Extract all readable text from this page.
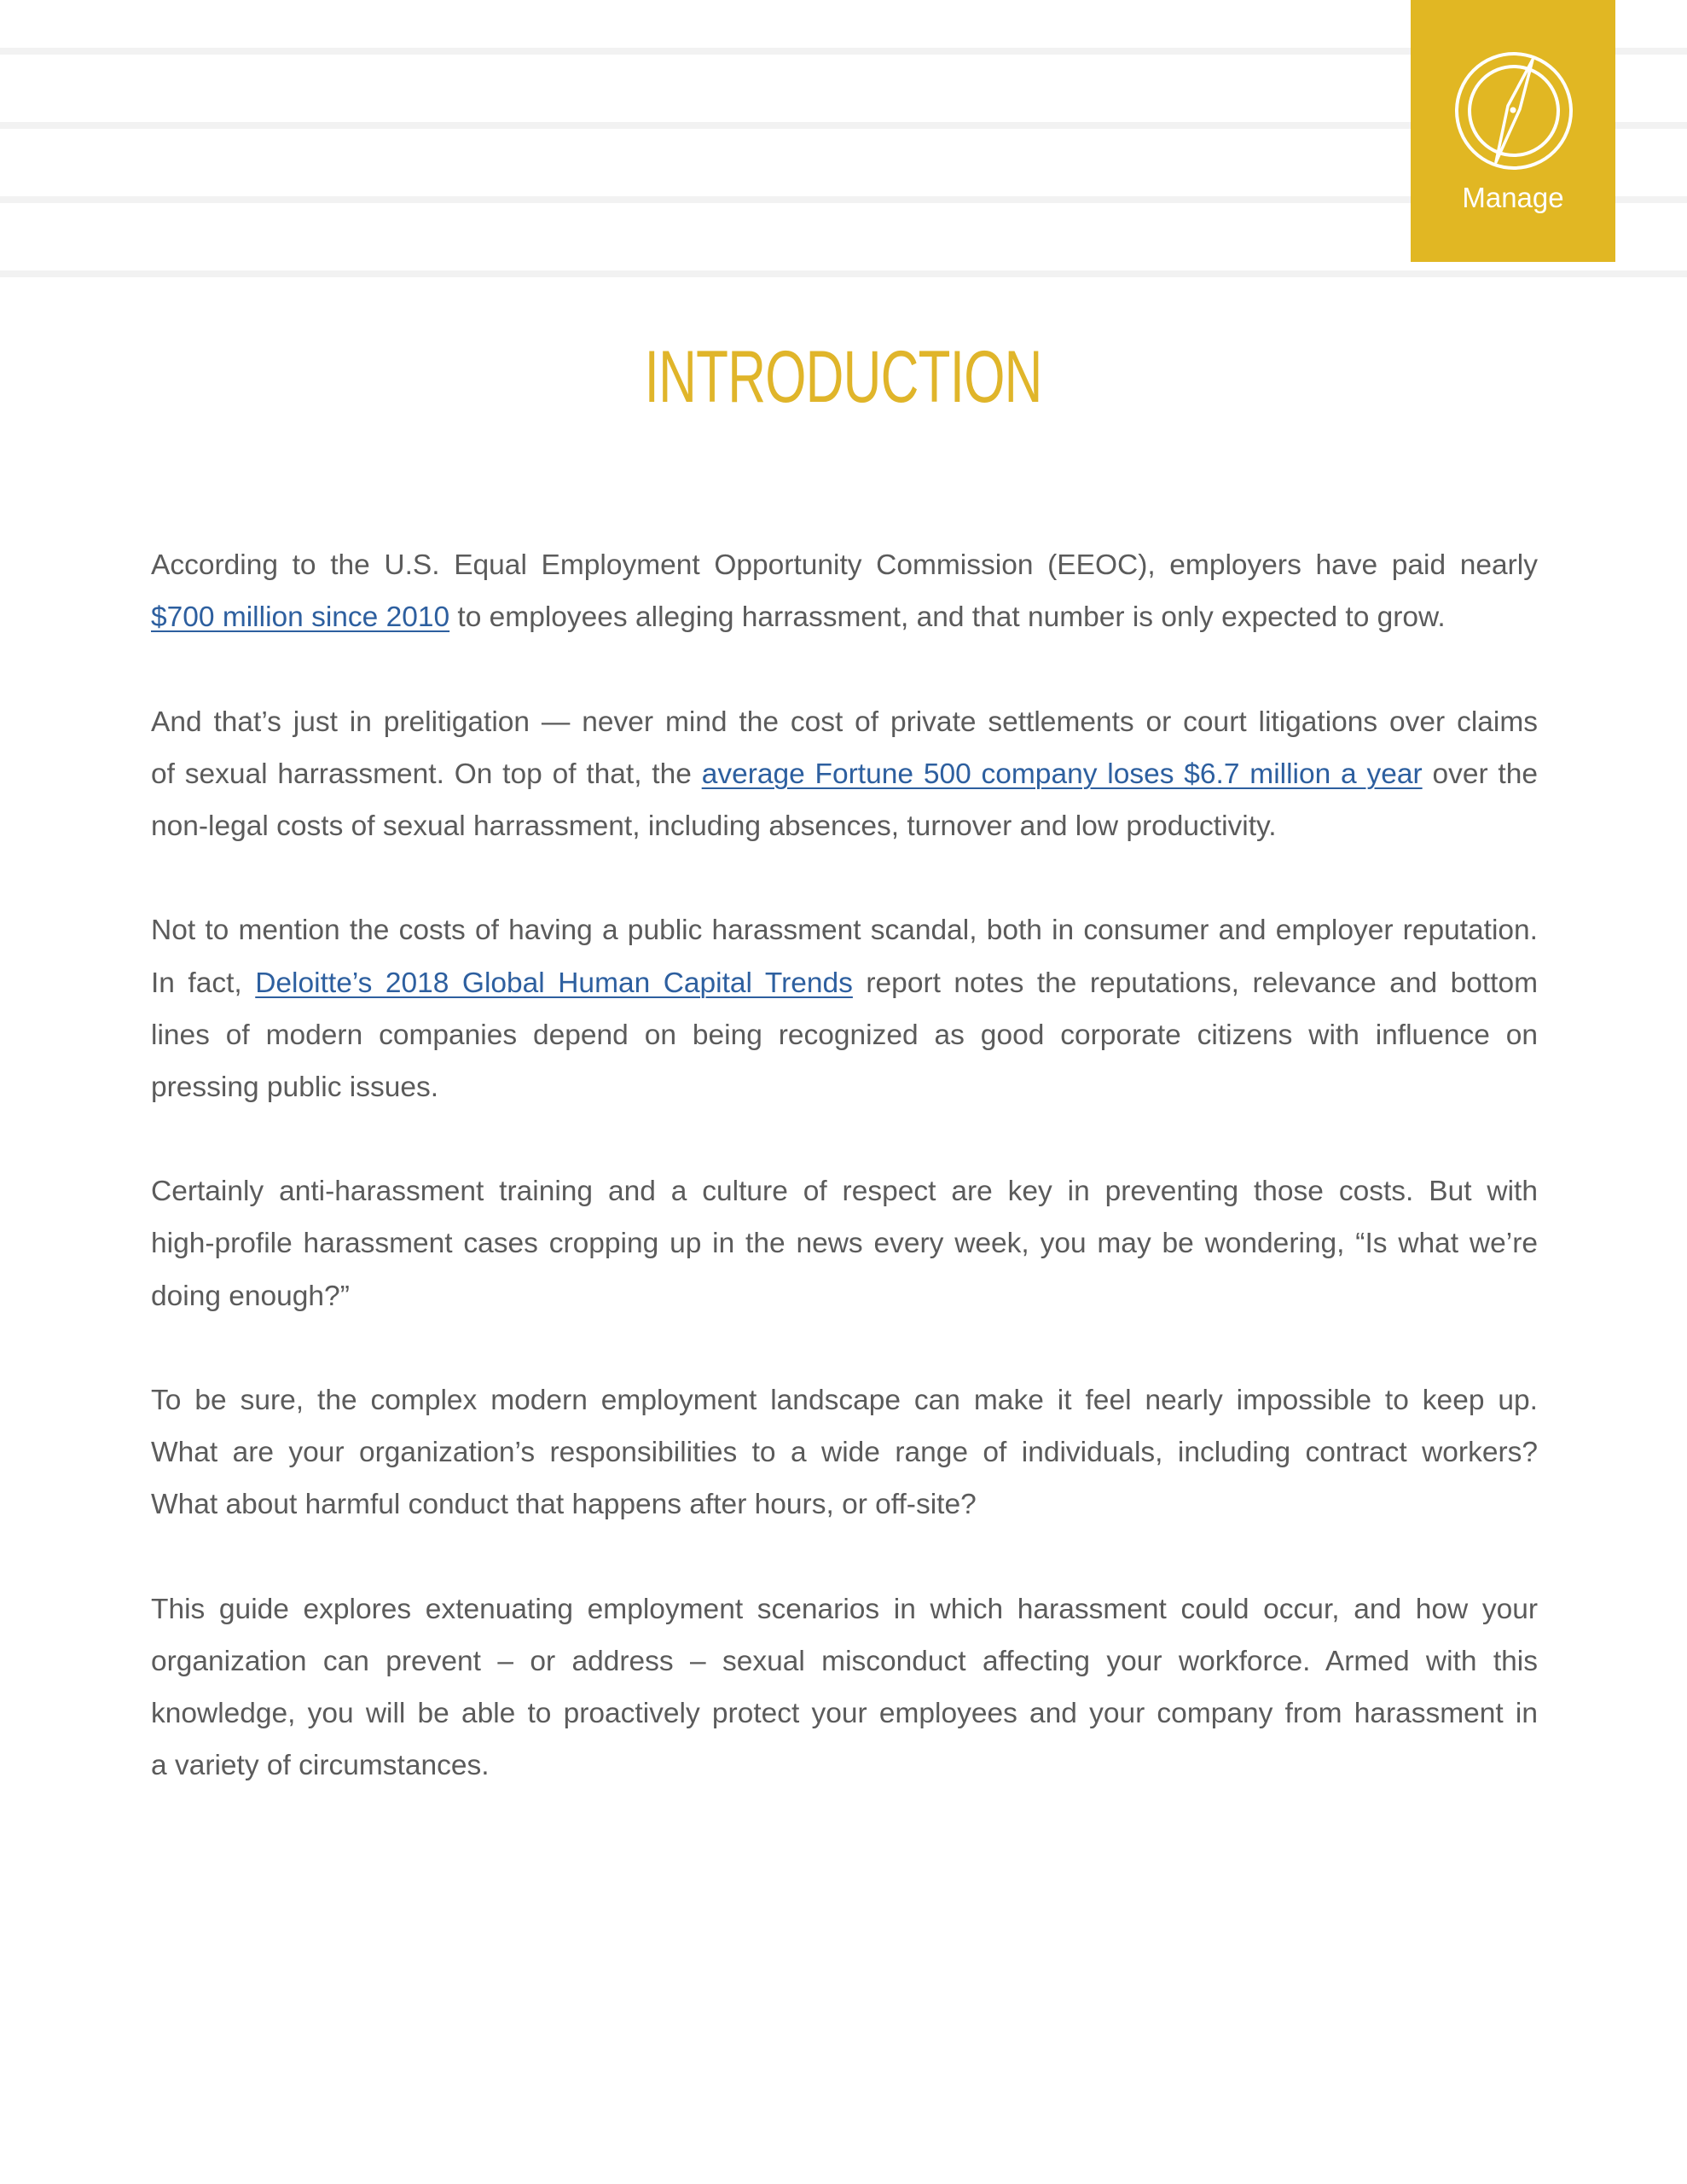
Manage
INTRODUCTION
According to the U.S. Equal Employment Opportunity Commission (EEOC), employers have paid nearly
$700 million since 2010 to employees alleging harrassment, and that number is only expected to grow.
And that’s just in prelitigation — never mind the cost of private settlements or court litigations over claims
of sexual harrassment. On top of that, the average Fortune 500 company loses $6.7 million a year over the
non-legal costs of sexual harrassment, including absences, turnover and low productivity.
Not to mention the costs of having a public harassment scandal, both in consumer and employer reputation.
In fact, Deloitte’s 2018 Global Human Capital Trends report notes the reputations, relevance and bottom
lines of modern companies depend on being recognized as good corporate citizens with influence on
pressing public issues.
Certainly anti-harassment training and a culture of respect are key in preventing those costs. But with
high-profile harassment cases cropping up in the news every week, you may be wondering, “Is what we’re
doing enough?”
To be sure, the complex modern employment landscape can make it feel nearly impossible to keep up.
What are your organization’s responsibilities to a wide range of individuals, including contract workers?
What about harmful conduct that happens after hours, or off-site?
This guide explores extenuating employment scenarios in which harassment could occur, and how your
organization can prevent – or address – sexual misconduct affecting your workforce. Armed with this
knowledge, you will be able to proactively protect your employees and your company from harassment in
a variety of circumstances.
